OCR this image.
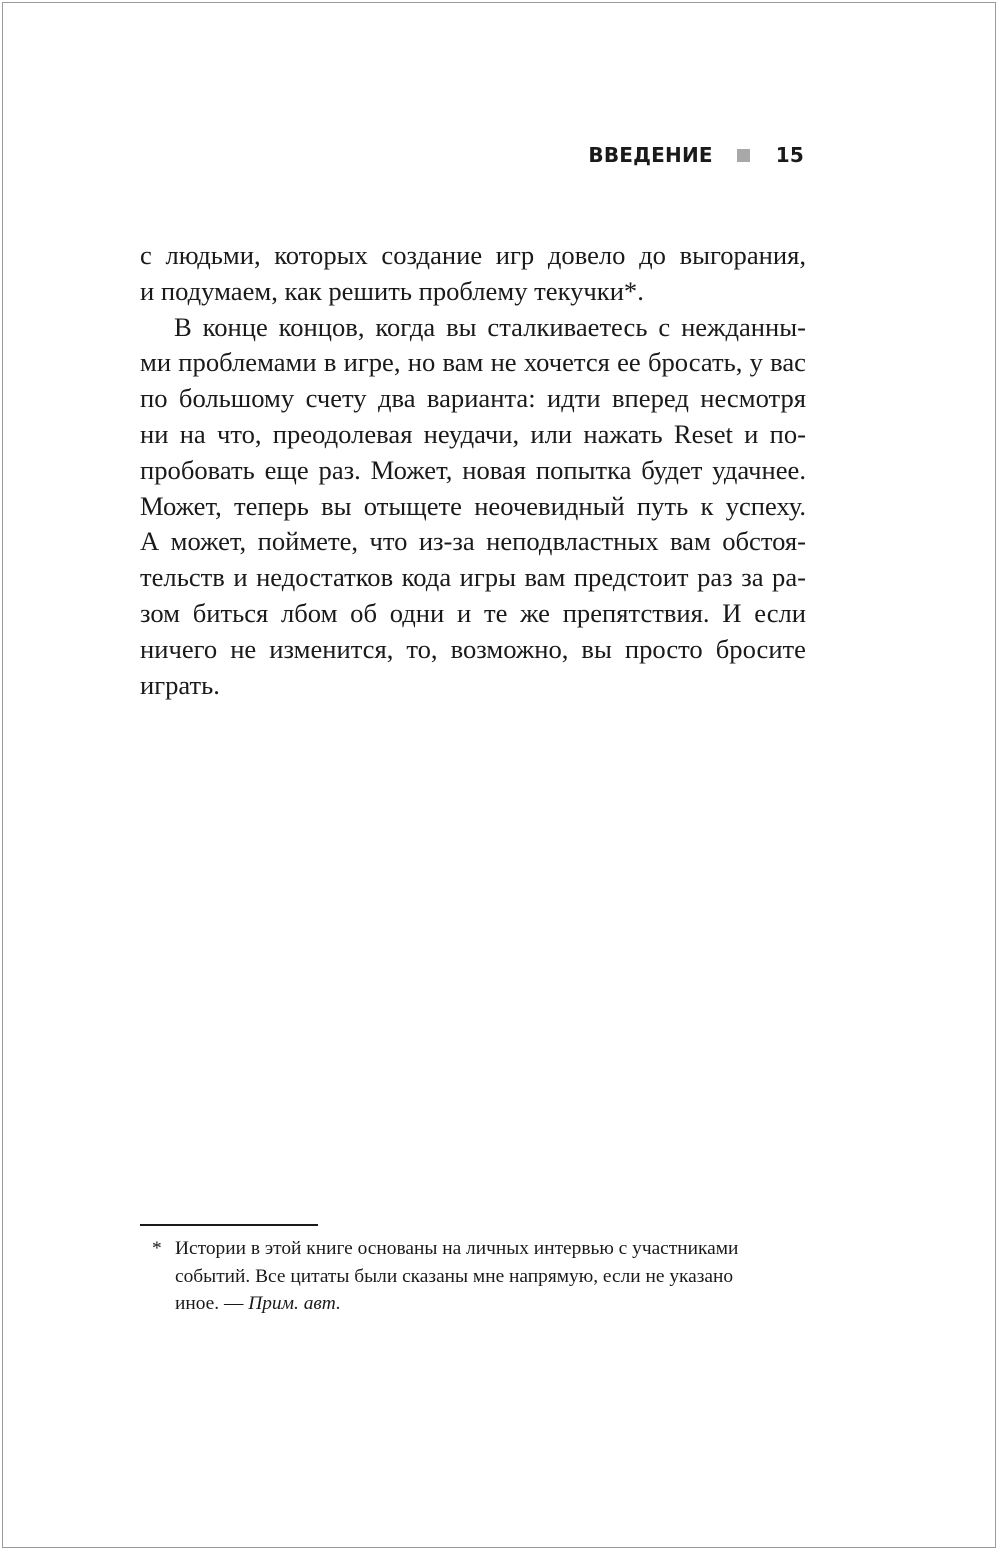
ВВЕДЕНИЕ	15
с людьми, которых создание игр довело до выгорания,
и подумаем, как решить проблему текучки*.
В конце концов, когда вы сталкиваетесь с нежданны-
ми проблемами в игре, но вам не хочется ее бросать, у вас
по большому счету два варианта: идти вперед несмотря
ни на что, преодолевая неудачи, или нажать Reset и по-
пробовать еще раз. Может, новая попытка будет удачнее.
Может, теперь вы отыщете неочевидный путь к успеху.
А может, поймете, что из-за неподвластных вам обстоя-
тельств и недостатков кода игры вам предстоит раз за ра-
зом биться лбом об одни и те же препятствия. И если
ничего не изменится, то, возможно, вы просто бросите
играть.
* Истории в этой книге основаны на личных интервью с участниками
событий. Все цитаты были сказаны мне напрямую, если не указано
иное. — Прим. авт.
